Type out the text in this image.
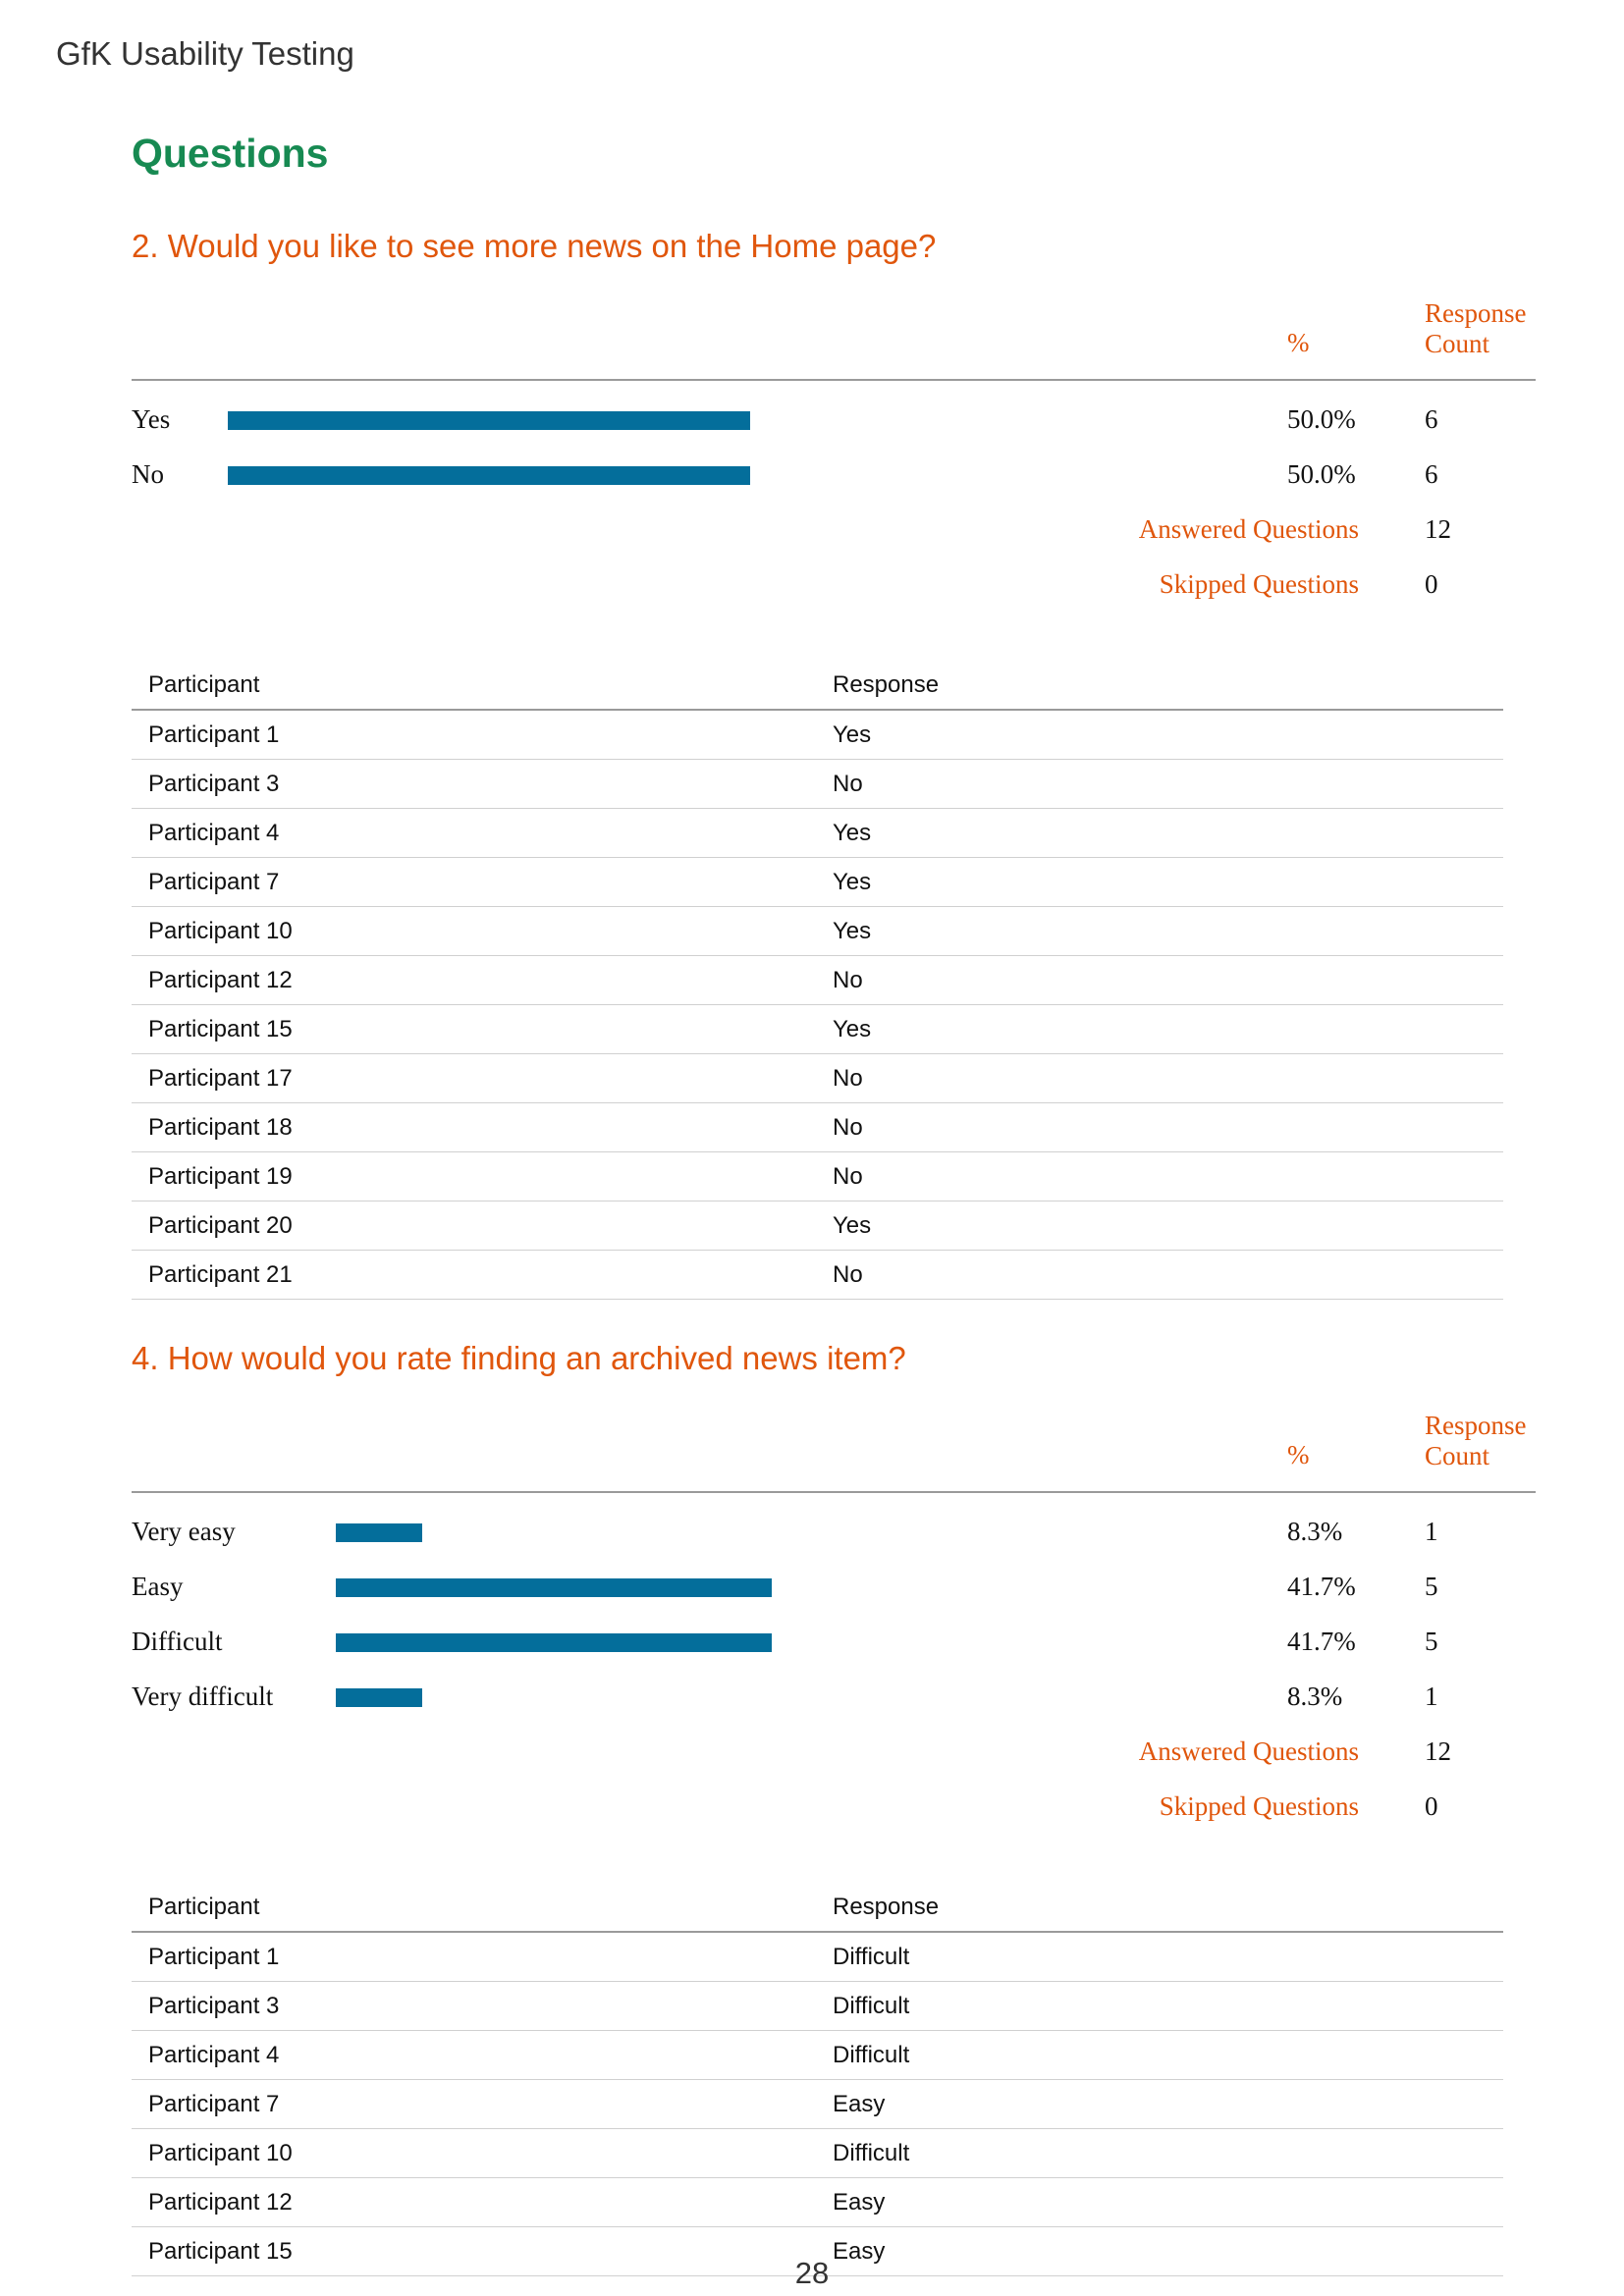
GfK Usability Testing
Questions
2. Would you like to see more news on the Home page?
%
Response
Count
Yes	50.0%	6
No	50.0%	6
Answered Questions 12
Skipped Questions 0
Participant	Response
Participant 1	Yes
Participant 3	No
Participant 4	Yes
Participant 7	Yes
Participant 10	Yes
Participant 12	No
Participant 15	Yes
Participant 17	No
Participant 18	No
Participant 19	No
Participant 20	Yes
Participant 21	No
4. How would you rate finding an archived news item?
%
Response
Count
Very easy	8.3%	1
Easy	41.7%	5
Difficult	41.7%	5
Very difficult	8.3%	1
Answered Questions 12
Skipped Questions 0
Participant	Response
Participant 1	Difficult
Participant 3	Difficult
Participant 4	Difficult
Participant 7	Easy
Participant 10	Difficult
Participant 12	Easy
Participant 15	Easy
28
